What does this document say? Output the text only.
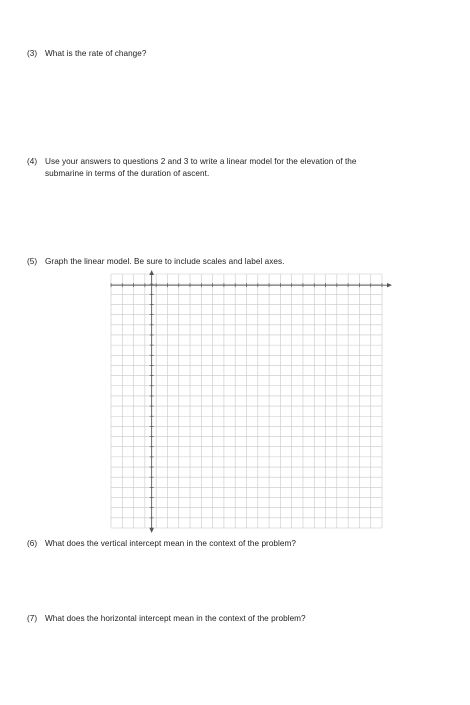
(3) What is the rate of change?
(4) Use your answers to questions 2 and 3 to write a linear model for the elevation of the
submarine in terms of the duration of ascent.
(5) Graph the linear model. Be sure to include scales and label axes.
(6) What does the vertical intercept mean in the context of the problem?
(7) What does the horizontal intercept mean in the context of the problem?
